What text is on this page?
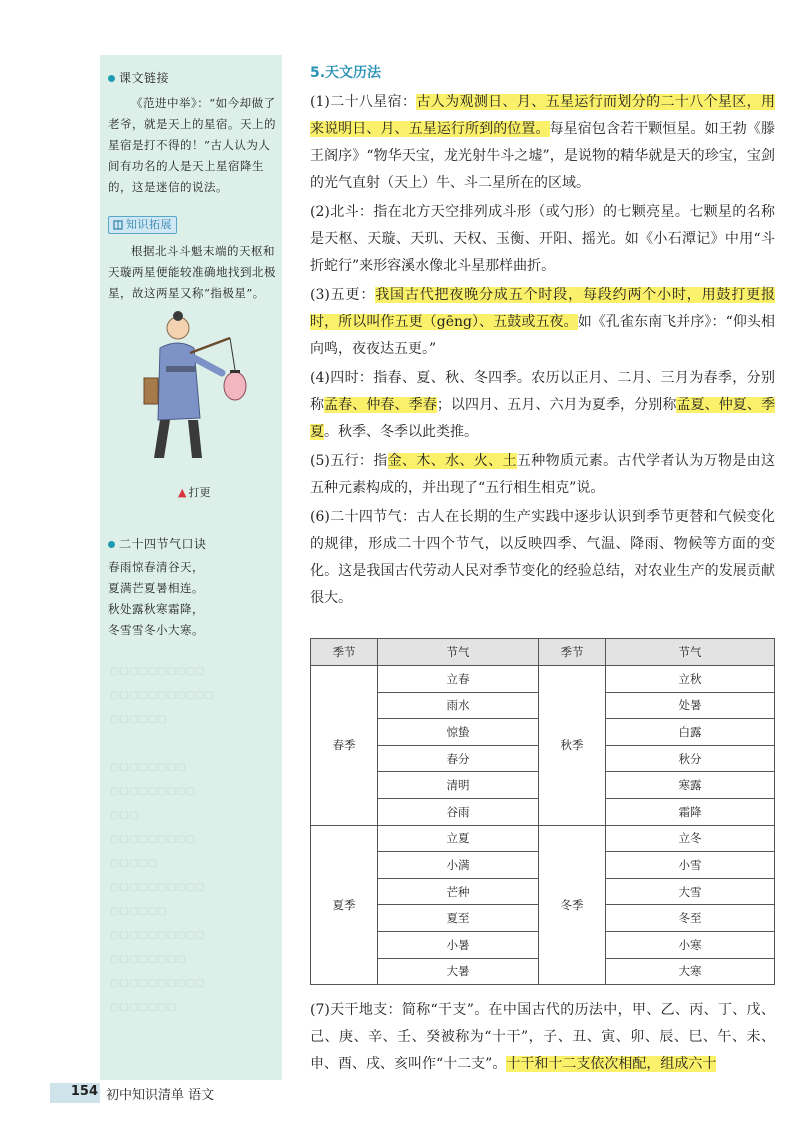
▢▢▢▢▢▢▢▢▢▢
▢▢▢▢▢▢▢▢▢▢▢
▢▢▢▢▢▢

▢▢▢▢▢▢▢▢
▢▢▢▢▢▢▢▢▢
▢▢▢
▢▢▢▢▢▢▢▢▢
▢▢▢▢▢
▢▢▢▢▢▢▢▢▢▢
▢▢▢▢▢▢
▢▢▢▢▢▢▢▢▢▢
▢▢▢▢▢▢▢▢
▢▢▢▢▢▢▢▢▢▢
▢▢▢▢▢▢▢
课文链接
《范进中举》：“如今却做了老爷，就是天上的星宿。天上的星宿是打不得的！”古人认为人间有功名的人是天上星宿降生的，这是迷信的说法。
知识拓展
根据北斗斗魁末端的天枢和天璇两星便能较准确地找到北极星，故这两星又称“指极星”。
▲ 打更
二十四节气口诀
春雨惊春清谷天，
夏满芒夏暑相连。
秋处露秋寒霜降，
冬雪雪冬小大寒。
5.天文历法

(1)二十八星宿：古人为观测日、月、五星运行而划分的二十八个星区，用来说明日、月、五星运行所到的位置。每星宿包含若干颗恒星。如王勃《滕王阁序》“物华天宝，龙光射牛斗之墟”，是说物的精华就是天的珍宝，宝剑的光气直射（天上）牛、斗二星所在的区域。

(2)北斗：指在北方天空排列成斗形（或勺形）的七颗亮星。七颗星的名称是天枢、天璇、天玑、天权、玉衡、开阳、摇光。如《小石潭记》中用“斗折蛇行”来形容溪水像北斗星那样曲折。

(3)五更：我国古代把夜晚分成五个时段，每段约两个小时，用鼓打更报时，所以叫作五更（gēng）、五鼓或五夜。如《孔雀东南飞并序》：“仰头相向鸣，夜夜达五更。”

(4)四时：指春、夏、秋、冬四季。农历以正月、二月、三月为春季，分别称孟春、仲春、季春；以四月、五月、六月为夏季，分别称孟夏、仲夏、季夏。秋季、冬季以此类推。

(5)五行：指金、木、水、火、土五种物质元素。古代学者认为万物是由这五种元素构成的，并出现了“五行相生相克”说。

(6)二十四节气：古人在长期的生产实践中逐步认识到季节更替和气候变化的规律，形成二十四个节气，以反映四季、气温、降雨、物候等方面的变化。这是我国古代劳动人民对季节变化的经验总结，对农业生产的发展贡献很大。

季节	节气	季节	节气
春季	立春	秋季	立秋
	雨水		处暑
	惊蛰		白露
	春分		秋分
	清明		寒露
	谷雨		霜降
夏季	立夏	冬季	立冬
	小满		小雪
	芒种		大雪
	夏至		冬至
	小暑		小寒
	大暑		大寒

(7)天干地支：简称“干支”。在中国古代的历法中，甲、乙、丙、丁、戊、己、庚、辛、壬、癸被称为“十干”，子、丑、寅、卯、辰、巳、午、未、申、酉、戌、亥叫作“十二支”。十干和十二支依次相配，组成六十

154 初中知识清单 语文
